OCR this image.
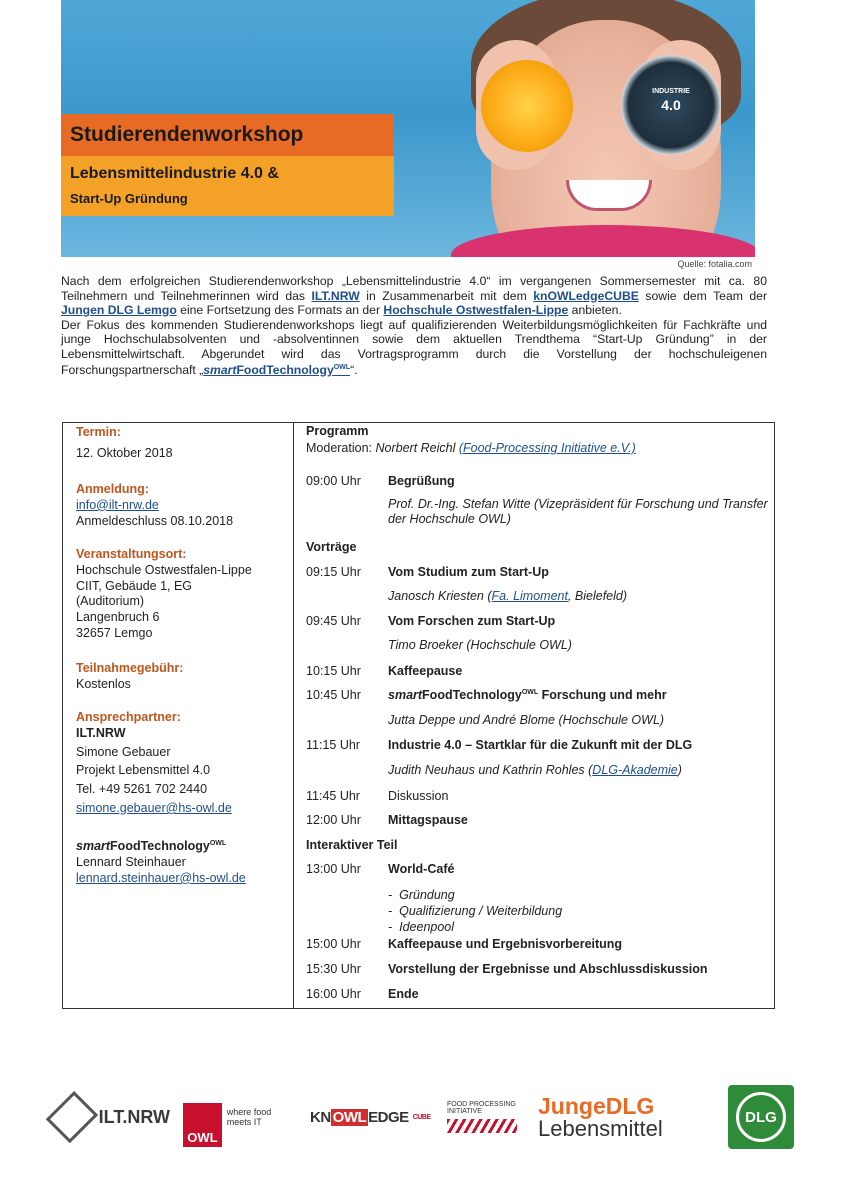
INDUSTRIE
4.0
Studierendenworkshop
Lebensmittelindustrie 4.0 &
Start-Up Gründung
Quelle: fotalia.com

Nach dem erfolgreichen Studierendenworkshop „Lebensmittelindustrie 4.0“ im vergangenen Sommersemester mit ca. 80 Teilnehmern und Teilnehmerinnen wird das ILT.NRW in Zusammenarbeit mit dem knOWLedgeCUBE sowie dem Team der Jungen DLG Lemgo eine Fortsetzung des Formats an der Hochschule Ostwestfalen-Lippe anbieten.

Der Fokus des kommenden Studierendenworkshops liegt auf qualifizierenden Weiterbildungsmöglichkeiten für Fachkräfte und junge Hochschulabsolventen und -absolventinnen sowie dem aktuellen Trendthema “Start-Up Gründung” in der Lebensmittelwirtschaft. Abgerundet wird das Vortragsprogramm durch die Vorstellung der hochschuleigenen Forschungspartnerschaft „smartFoodTechnology$^{OWL}$“.

Termin:
12. Oktober 2018
Anmeldung:
info@ilt-nrw.de
Anmeldeschluss 08.10.2018
Veranstaltungsort:
Hochschule Ostwestfalen-Lippe
CIIT, Gebäude 1, EG
(Auditorium)
Langenbruch 6
32657 Lemgo
Teilnahmegebühr:
Kostenlos
Ansprechpartner:
ILT.NRW
Simone Gebauer
Projekt Lebensmittel 4.0
Tel. +49 5261 702 2440
simone.gebauer@hs-owl.de
smartFoodTechnology$^{OWL}$
Lennard Steinhauer
lennard.steinhauer@hs-owl.de
Programm
Moderation: Norbert Reichl (Food-Processing Initiative e.V.)
09:00 Uhr	Begrüßung
Prof. Dr.-Ing. Stefan Witte (Vizepräsident für Forschung und Transfer der Hochschule OWL)
Vorträge
09:15 Uhr	Vom Studium zum Start-Up
Janosch Kriesten (Fa. Limoment, Bielefeld)
09:45 Uhr	Vom Forschen zum Start-Up
Timo Broeker (Hochschule OWL)
10:15 Uhr	Kaffeepause
10:45 Uhr	smartFoodTechnology$^{OWL}$ Forschung und mehr
Jutta Deppe und André Blome (Hochschule OWL)
11:15 Uhr	Industrie 4.0 – Startklar für die Zukunft mit der DLG
Judith Neuhaus und Kathrin Rohles (DLG-Akademie)
11:45 Uhr	Diskussion
12:00 Uhr	Mittagspause
Interaktiver Teil
13:00 Uhr	World-Café
-  Gründung
-  Qualifizierung / Weiterbildung
-  Ideenpool
15:00 Uhr	Kaffeepause und Ergebnisvorbereitung
15:30 Uhr	Vorstellung der Ergebnisse und Abschlussdiskussion
16:00 Uhr	Ende
ILT.NRW
OWL
where food meets IT	KN OWL EDGE CUBE
FOOD PROCESSING INITIATIVE	JungeDLG
Lebensmittel	DLG
